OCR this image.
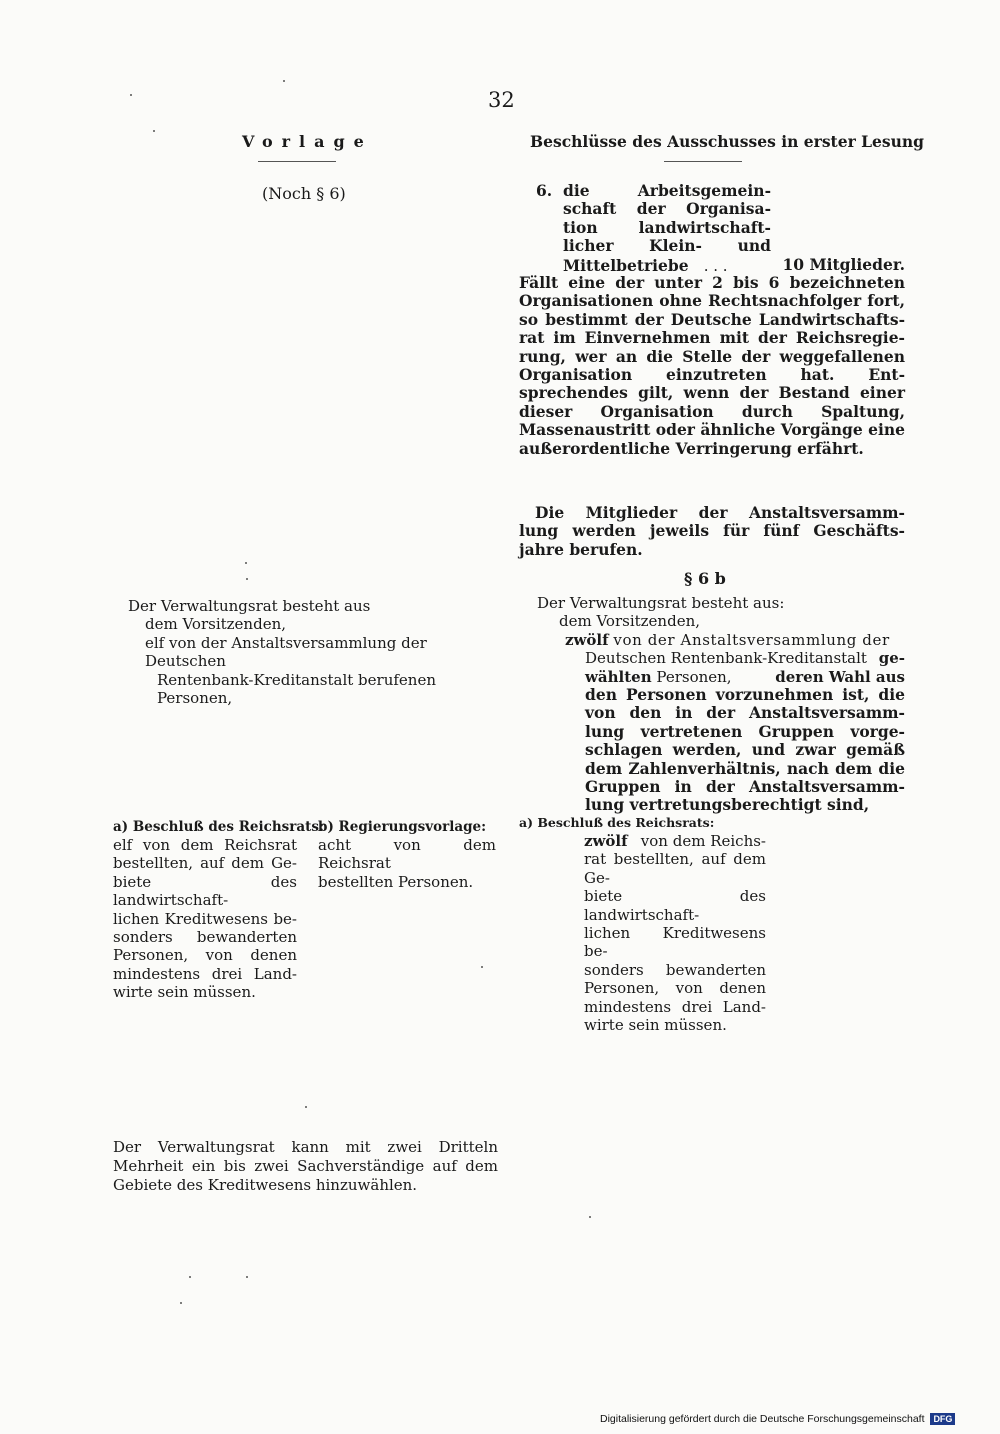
32
Vorlage	Beschlüsse des Ausschusses in erster Lesung
(Noch § 6)	6. die Arbeitsgemein-
schaft der Organisa-
tion landwirtschaft-
licher Klein- und
Mittelbetriebe . . .	10 Mitglieder.
Fällt eine der unter 2 bis 6 bezeichneten
Organisationen ohne Rechtsnachfolger fort,
so bestimmt der Deutsche Landwirtschafts-
rat im Einvernehmen mit der Reichsregie-
rung, wer an die Stelle der weggefallenen
Organisation einzutreten hat. Ent-
sprechendes gilt, wenn der Bestand einer
dieser Organisation durch Spaltung,
Massenaustritt oder ähnliche Vorgänge eine
außerordentliche Verringerung erfährt.
Die Mitglieder der Anstaltsversamm-
lung werden jeweils für fünf Geschäfts-
jahre berufen.
§ 6 b
Der Verwaltungsrat besteht aus
dem Vorsitzenden,
elf von der Anstaltsversammlung der Deutschen
Rentenbank-Kreditanstalt berufenen Personen,
Der Verwaltungsrat besteht aus:
dem Vorsitzenden,
zwölf von der Anstaltsversammlung der
Deutschen Rentenbank-Kreditanstalt ge-
wählten Personen,	deren Wahl aus
den Personen vorzunehmen ist, die
von den in der Anstaltsversamm-
lung vertretenen Gruppen vorge-
schlagen werden, und zwar gemäß
dem Zahlenverhältnis, nach dem die
Gruppen in der Anstaltsversamm-
lung vertretungsberechtigt sind,
a) Beschluß des Reichsrats:
elf von dem Reichsrat
bestellten, auf dem Ge-
biete des landwirtschaft-
lichen Kreditwesens be-
sonders bewanderten
Personen, von denen
mindestens drei Land-
wirte sein müssen.
b) Regierungsvorlage:
acht von dem Reichsrat
bestellten Personen.
a) Beschluß des Reichsrats:
zwölf von dem Reichs-
rat bestellten, auf dem Ge-
biete des landwirtschaft-
lichen Kreditwesens be-
sonders bewanderten
Personen, von denen
mindestens drei Land-
wirte sein müssen.
Der Verwaltungsrat kann mit zwei Dritteln
Mehrheit ein bis zwei Sachverständige auf dem
Gebiete des Kreditwesens hinzuwählen.
Digitalisierung gefördert durch die Deutsche Forschungsgemeinschaft DFG
